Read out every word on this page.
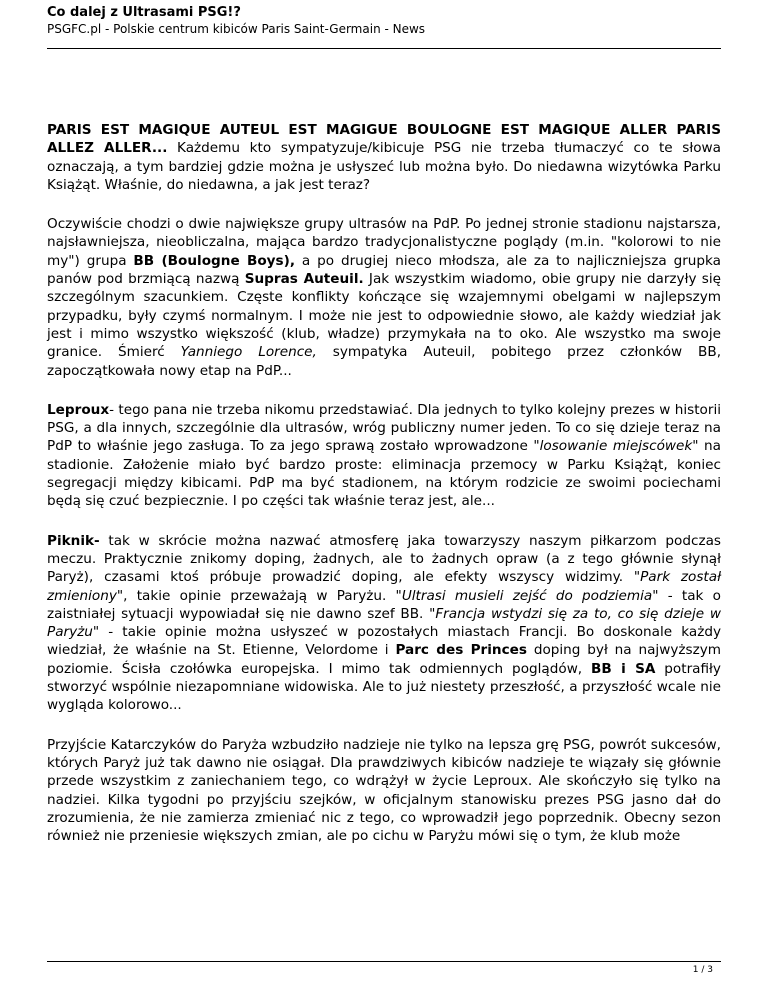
Co dalej z Ultrasami PSG!?
PSGFC.pl - Polskie centrum kibiców Paris Saint-Germain - News

PARIS EST MAGIQUE AUTEUL EST MAGIGUE BOULOGNE EST MAGIQUE ALLER PARIS ALLEZ ALLER... Każdemu kto sympatyzuje/kibicuje PSG nie trzeba tłumaczyć co te słowa oznaczają, a tym bardziej gdzie można je usłyszeć lub można było. Do niedawna wizytówka Parku Książąt. Właśnie, do niedawna, a jak jest teraz?

Oczywiście chodzi o dwie największe grupy ultrasów na PdP. Po jednej stronie stadionu najstarsza, najsławniejsza, nieobliczalna, mająca bardzo tradycjonalistyczne poglądy (m.in. "kolorowi to nie my") grupa BB (Boulogne Boys), a po drugiej nieco młodsza, ale za to najliczniejsza grupka panów pod brzmiącą nazwą Supras Auteuil. Jak wszystkim wiadomo, obie grupy nie darzyły się szczególnym szacunkiem. Częste konflikty kończące się wzajemnymi obelgami w najlepszym przypadku, były czymś normalnym. I może nie jest to odpowiednie słowo, ale każdy wiedział jak jest i mimo wszystko większość (klub, władze) przymykała na to oko. Ale wszystko ma swoje granice. Śmierć Yanniego Lorence, sympatyka Auteuil, pobitego przez członków BB, zapoczątkowała nowy etap na PdP...

Leproux- tego pana nie trzeba nikomu przedstawiać. Dla jednych to tylko kolejny prezes w historii PSG, a dla innych, szczególnie dla ultrasów, wróg publiczny numer jeden. To co się dzieje teraz na PdP to właśnie jego zasługa. To za jego sprawą zostało wprowadzone "losowanie miejscówek" na stadionie. Założenie miało być bardzo proste: eliminacja przemocy w Parku Książąt, koniec segregacji między kibicami. PdP ma być stadionem, na którym rodzicie ze swoimi pociechami będą się czuć bezpiecznie. I po części tak właśnie teraz jest, ale...

Piknik- tak w skrócie można nazwać atmosferę jaka towarzyszy naszym piłkarzom podczas meczu. Praktycznie znikomy doping, żadnych, ale to żadnych opraw (a z tego głównie słynął Paryż), czasami ktoś próbuje prowadzić doping, ale efekty wszyscy widzimy. "Park został zmieniony", takie opinie przeważają w Paryżu. "Ultrasi musieli zejść do podziemia" - tak o zaistniałej sytuacji wypowiadał się nie dawno szef BB. "Francja wstydzi się za to, co się dzieje w Paryżu" - takie opinie można usłyszeć w pozostałych miastach Francji. Bo doskonale każdy wiedział, że właśnie na St. Etienne, Velordome i Parc des Princes doping był na najwyższym poziomie. Ścisła czołówka europejska. I mimo tak odmiennych poglądów, BB i SA potrafiły stworzyć wspólnie niezapomniane widowiska. Ale to już niestety przeszłość, a przyszłość wcale nie wygląda kolorowo...

Przyjście Katarczyków do Paryża wzbudziło nadzieje nie tylko na lepsza grę PSG, powrót sukcesów, których Paryż już tak dawno nie osiągał. Dla prawdziwych kibiców nadzieje te wiązały się głównie przede wszystkim z zaniechaniem tego, co wdrążył w życie Leproux. Ale skończyło się tylko na nadziei. Kilka tygodni po przyjściu szejków, w oficjalnym stanowisku prezes PSG jasno dał do zrozumienia, że nie zamierza zmieniać nic z tego, co wprowadził jego poprzednik. Obecny sezon również nie przeniesie większych zmian, ale po cichu w Paryżu mówi się o tym, że klub może

1 / 3
